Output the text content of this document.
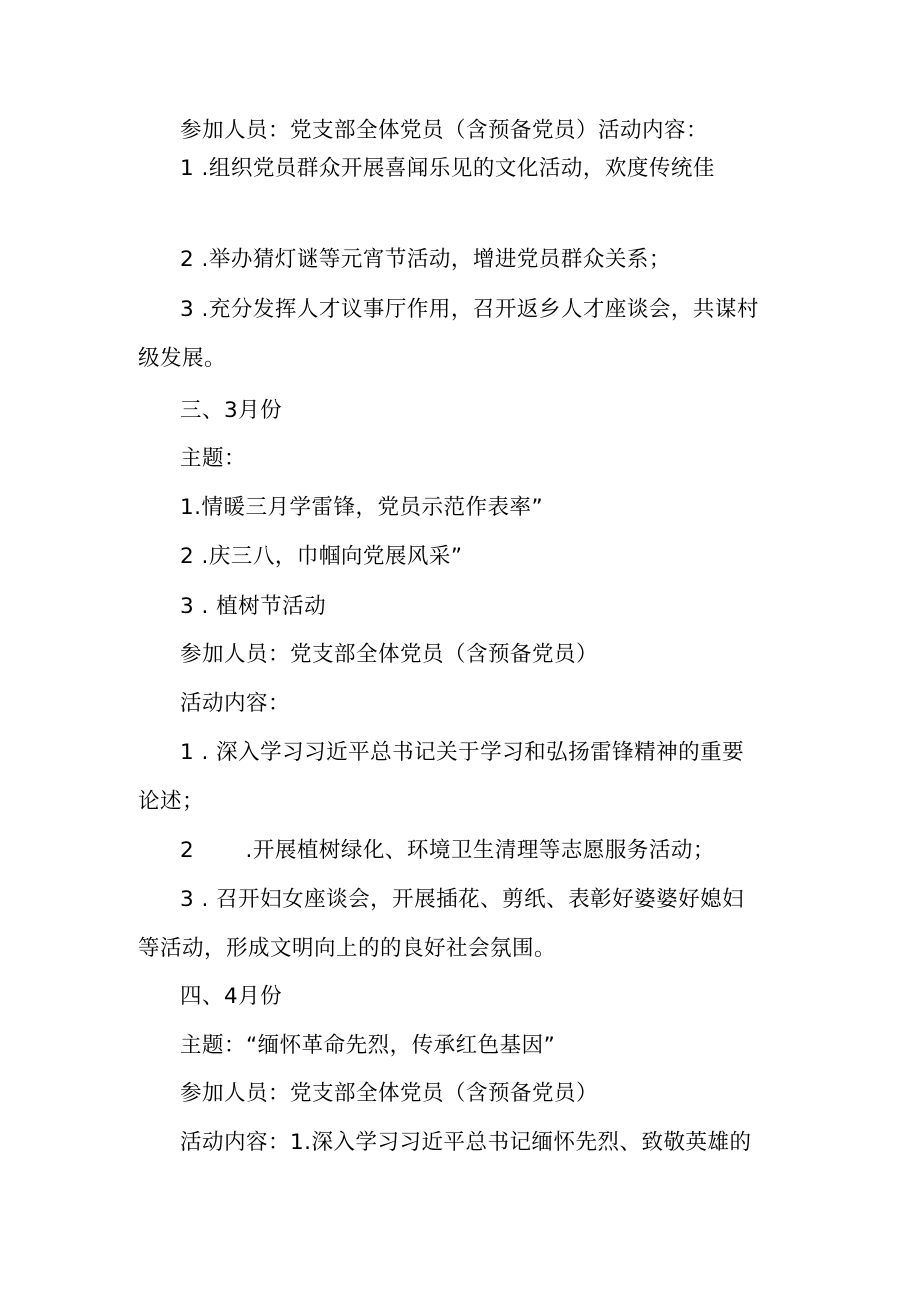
参加人员：党支部全体党员（含预备党员）活动内容：

1 .组织党员群众开展喜闻乐见的文化活动，欢度传统佳

2 .举办猜灯谜等元宵节活动，增进党员群众关系；

3 .充分发挥人才议事厅作用，召开返乡人才座谈会，共谋村

级发展。

三、3月份

主题：

1.情暖三月学雷锋，党员示范作表率”

2 .庆三八，巾帼向党展风采”

3 . 植树节活动

参加人员：党支部全体党员（含预备党员）

活动内容：

1 . 深入学习习近平总书记关于学习和弘扬雷锋精神的重要

论述；

2　　 .开展植树绿化、环境卫生清理等志愿服务活动；

3 . 召开妇女座谈会，开展插花、剪纸、表彰好婆婆好媳妇

等活动，形成文明向上的的良好社会氛围。

四、4月份

主题：“缅怀革命先烈，传承红色基因”

参加人员：党支部全体党员（含预备党员）

活动内容：1.深入学习习近平总书记缅怀先烈、致敬英雄的
